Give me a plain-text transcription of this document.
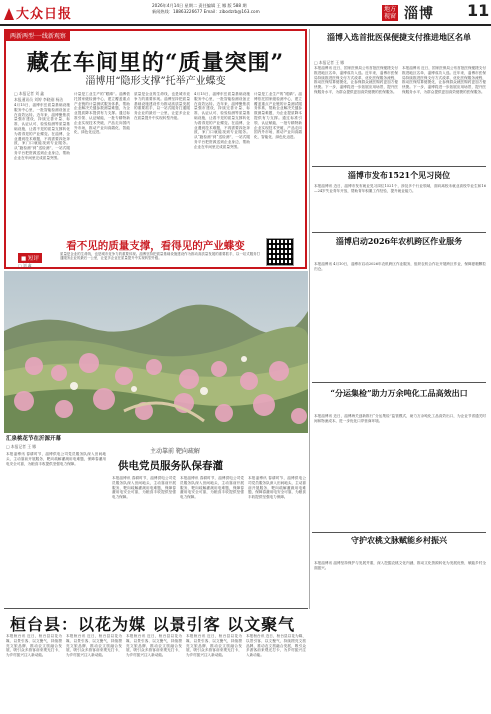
大众日报
2026年4月14日 星期二 责任编辑 王 娜 版 588 期
新闻热线：18863226677 Email：zibodzrb@163.com	地方视窗 淄博 11
两新两型·一线新观察
藏在车间里的“质量突围”
淄博用“隐形支撑”托举产业蝶变
□ 本报记者 刘 鑫
本报通讯员 刘婷 李晓刚 杨洁
4月15日，淄博东岳质量基础设施服务中心里，一批智能检测设备正在高效运转。近年来，淄博聚焦质量强市建设，持续完善计量、标准、认证认可、检验检测等质量基础设施，让看不见的质量支撑转化为看得见的产业蝶变。在淄博，企业遇到技术难题，不再需要四处奔波，家门口就能找到专业服务。从“跑检测”到“送检测”，一站式服务平台把资源送到企业身边，帮助企业在车间里完成质量突围。
计量是工业生产的“眼睛”。淄博依托国家级检测中心，建立覆盖重点产业链的计量测试服务体系，帮助企业解决关键参数测量难题，为企业提质降本提供有力支撑。通过标准引领、认证赋能，一批专精特新企业实现技术突破，产品走向国内外市场，推动产业向高端化、智能化、绿色化迈进。
质量是企业的生命线，也是城市竞争力的重要体现。淄博坚持把质量基础设施建设作为推动高质量发展的重要抓手，以一站式服务打通服务企业的最后一公里，让更多企业在质量提升中实现转型升级。
4月15日，淄博东岳质量基础设施服务中心里，一批智能检测设备正在高效运转。近年来，淄博聚焦质量强市建设，持续完善计量、标准、认证认可、检验检测等质量基础设施，让看不见的质量支撑转化为看得见的产业蝶变。在淄博，企业遇到技术难题，不再需要四处奔波，家门口就能找到专业服务。从“跑检测”到“送检测”，一站式服务平台把资源送到企业身边，帮助企业在车间里完成质量突围。
计量是工业生产的“眼睛”。淄博依托国家级检测中心，建立覆盖重点产业链的计量测试服务体系，帮助企业解决关键参数测量难题，为企业提质降本提供有力支撑。通过标准引领、认证赋能，一批专精特新企业实现技术突破，产品走向国内外市场，推动产业向高端化、智能化、绿色化迈进。
看不见的质量支撑，看得见的产业蝶变
■ 短评
□ 刘 鑫
质量是企业的生命线，也是城市竞争力的重要体现。淄博坚持把质量基础设施建设作为推动高质量发展的重要抓手，以一站式服务打通服务企业的最后一公里，让更多企业在质量提升中实现转型升级。
汇泉桃花节在沂源开幕
□ 本报记者 王 娜
淄博入选首批医保便捷支付推进地区名单
□ 本报记者 王 娜
本报淄博讯 近日，国家医保局公布首批医保便捷支付推进地区名单，淄博成功入选。近年来，淄博市医保局持续推进医保支付方式改革，优化医保服务流程，推动医保结算便捷化，让参保群众就医购药更加方便快捷。下一步，淄博将进一步拓展应用场景，提升医保服务水平，为群众提供更加高效便捷的医保服务。
本报淄博讯 近日，国家医保局公布首批医保便捷支付推进地区名单，淄博成功入选。近年来，淄博市医保局持续推进医保支付方式改革，优化医保服务流程，推动医保结算便捷化，让参保群众就医购药更加方便快捷。下一步，淄博将进一步拓展应用场景，提升医保服务水平，为群众提供更加高效便捷的医保服务。
淄博市发布1521个见习岗位
本报淄博讯 近日，淄博市发布就业见习岗位1521个，涉及多个行业领域，面向离校未就业高校毕业生和16—24岁失业青年开放，帮助青年积累工作经验，提升就业能力。
淄博启动2026年农机跨区作业服务
本报淄博讯 4月10日，淄博市启动2026年农机跨区作业服务，组织农机合作社开展跨区作业，保障夏粮颗粒归仓。
“分运集检”助力万余吨化工品高效出口
本报淄博讯 近日，淄博海关创新推行“分运集检”监管模式，助力万余吨化工品高效出口，为企业节省通关时间和物流成本，进一步优化口岸营商环境。
守护农桃文脉赋能乡村振兴
本报淄博讯 淄博坚持保护与发展并重，深入挖掘农桃文化内涵，推动文化资源转化为发展优势，赋能乡村全面振兴。
本报淄博讯 春耕时节，淄博供电公司党员服务队深入田间地头，主动靠前开展服务，靶向疏解灌溉用电难题，保障春灌用电安全可靠，为粮食丰收提供坚强电力保障。
主动靠前 靶向疏解
供电党员服务队保春灌
本报淄博讯 春耕时节，淄博供电公司党员服务队深入田间地头，主动靠前开展服务，靶向疏解灌溉用电难题，保障春灌用电安全可靠，为粮食丰收提供坚强电力保障。
本报淄博讯 春耕时节，淄博供电公司党员服务队深入田间地头，主动靠前开展服务，靶向疏解灌溉用电难题，保障春灌用电安全可靠，为粮食丰收提供坚强电力保障。
本报淄博讯 春耕时节，淄博供电公司党员服务队深入田间地头，主动靠前开展服务，靶向疏解灌溉用电难题，保障春灌用电安全可靠，为粮食丰收提供坚强电力保障。
桓台县：以花为媒 以景引客 以文聚气
本报桓台讯 近日，桓台县以花为媒、以景引客、以文聚气，持续擦亮文旅品牌，推动农文旅融合发展，吸引众多游客前来观光打卡，为乡村振兴注入新动能。
本报桓台讯 近日，桓台县以花为媒、以景引客、以文聚气，持续擦亮文旅品牌，推动农文旅融合发展，吸引众多游客前来观光打卡，为乡村振兴注入新动能。
本报桓台讯 近日，桓台县以花为媒、以景引客、以文聚气，持续擦亮文旅品牌，推动农文旅融合发展，吸引众多游客前来观光打卡，为乡村振兴注入新动能。
本报桓台讯 近日，桓台县以花为媒、以景引客、以文聚气，持续擦亮文旅品牌，推动农文旅融合发展，吸引众多游客前来观光打卡，为乡村振兴注入新动能。
本报桓台讯 近日，桓台县以花为媒、以景引客、以文聚气，持续擦亮文旅品牌，推动农文旅融合发展，吸引众多游客前来观光打卡，为乡村振兴注入新动能。
